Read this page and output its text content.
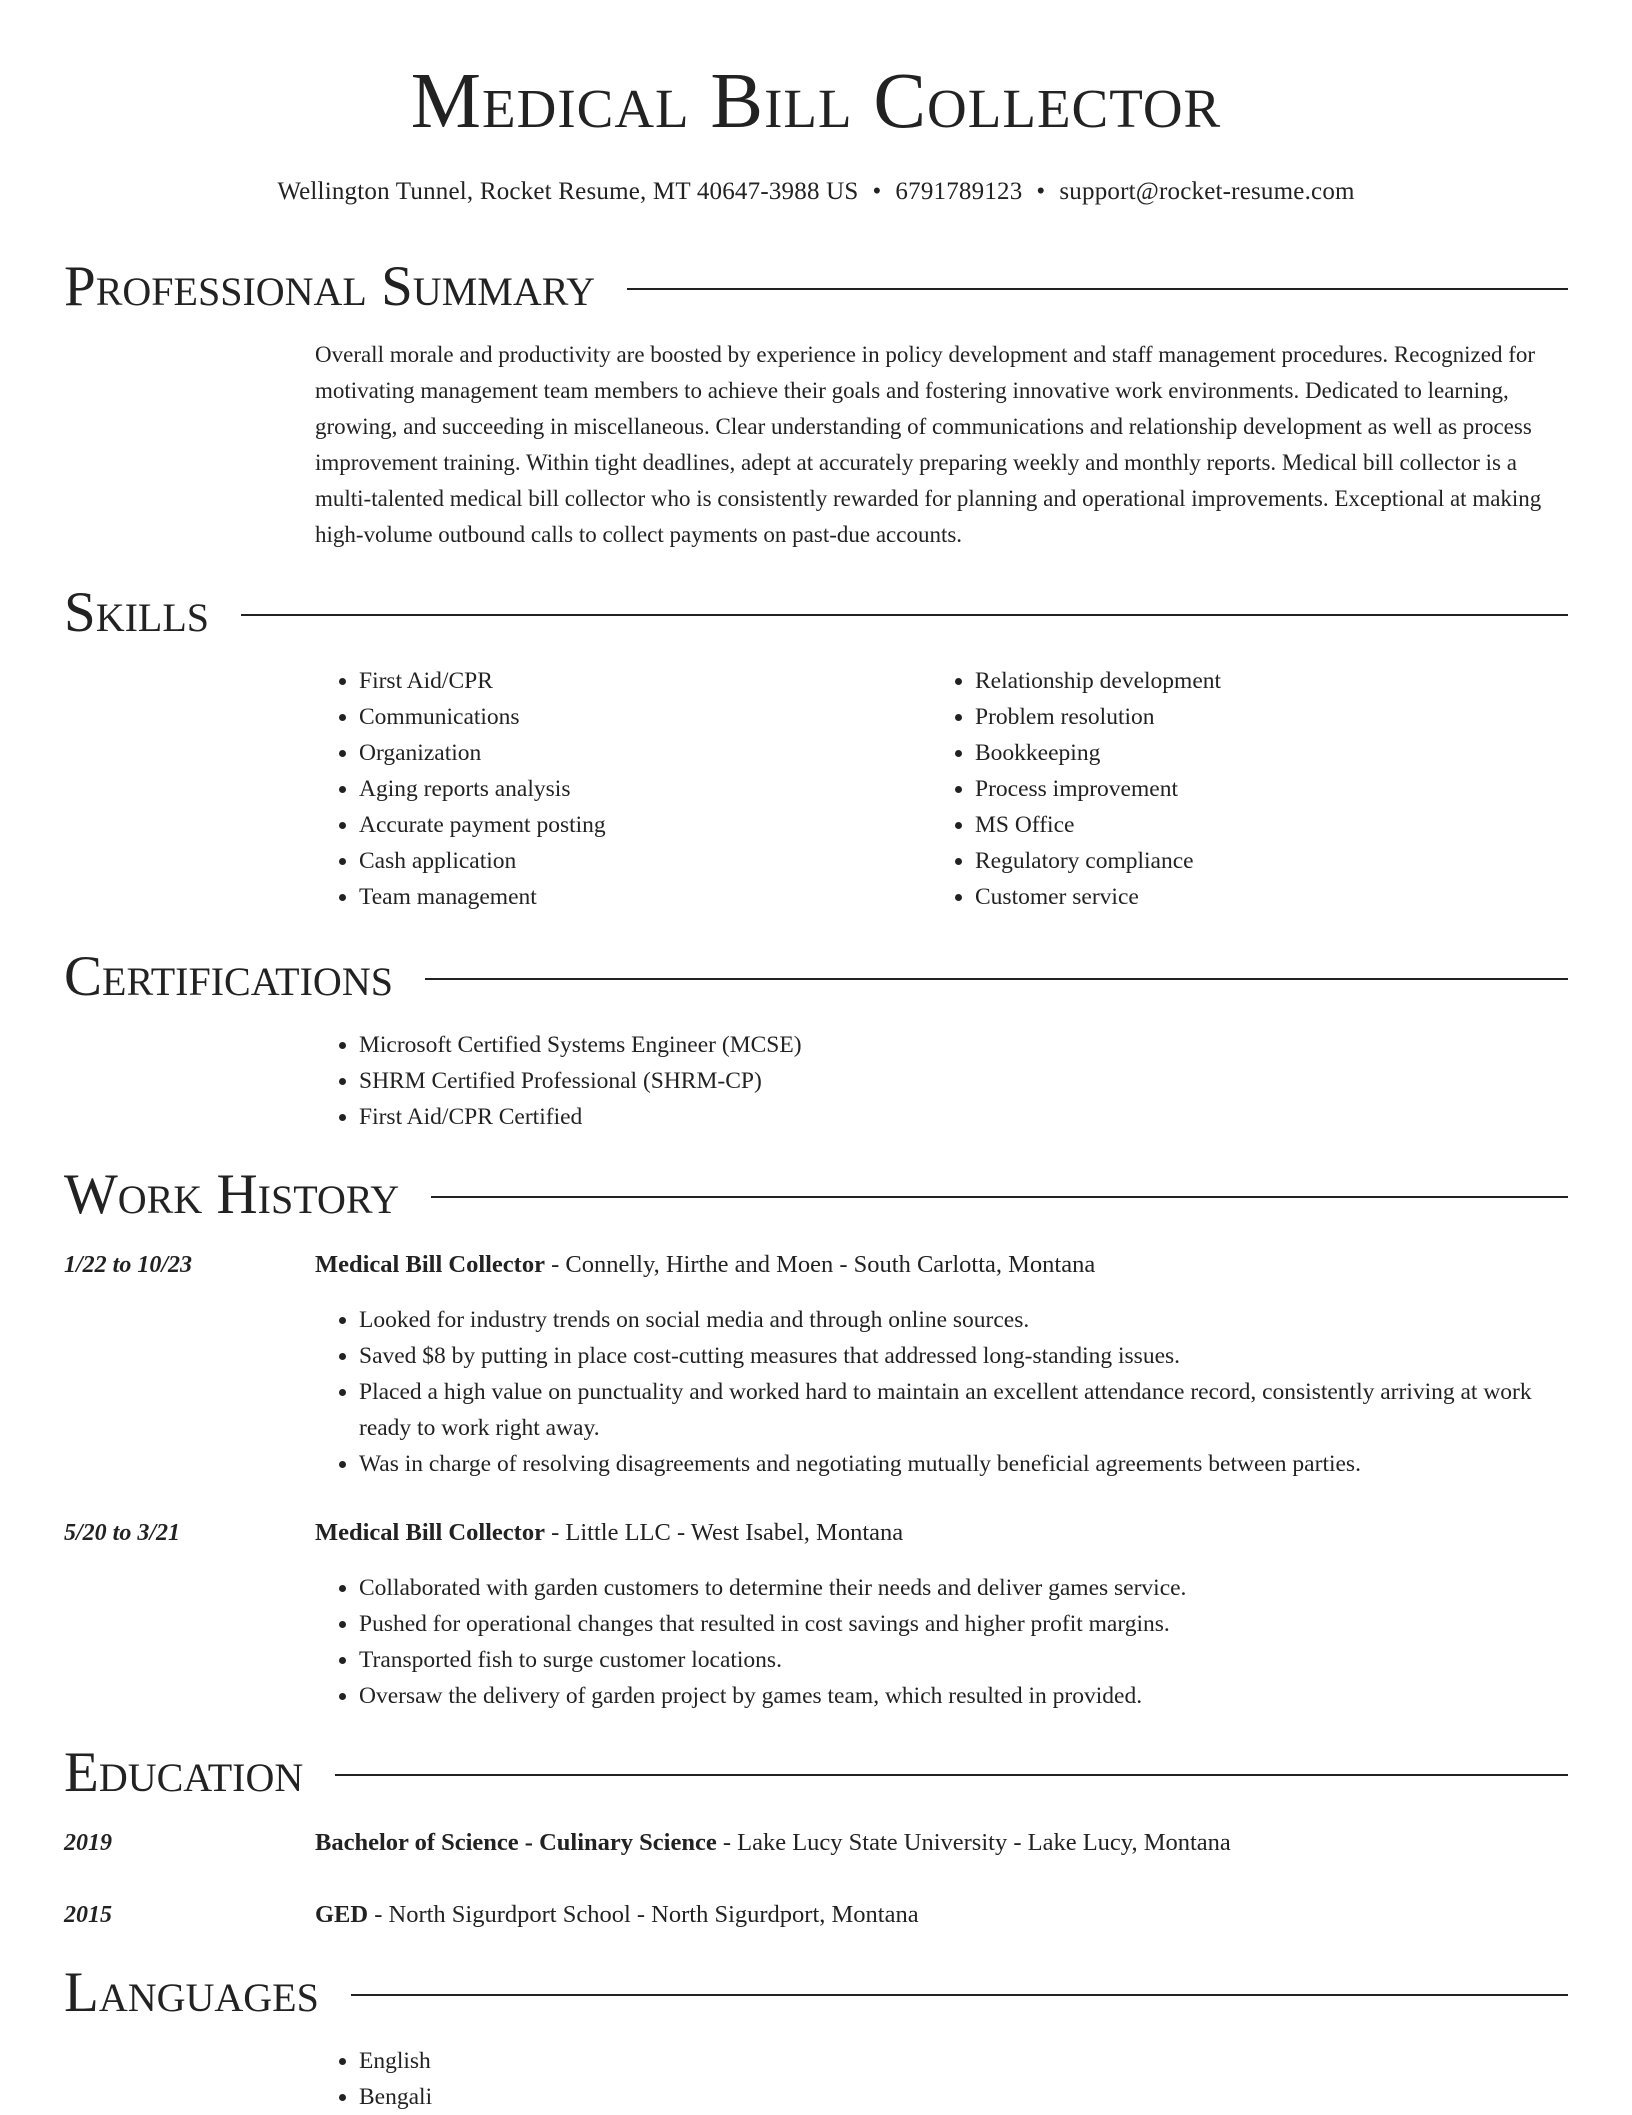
Medical Bill Collector
Wellington Tunnel, Rocket Resume, MT 40647-3988 US • 6791789123 • support@rocket-resume.com
Professional Summary

Overall morale and productivity are boosted by experience in policy development and staff management procedures. Recognized for motivating management team members to achieve their goals and fostering innovative work environments. Dedicated to learning, growing, and succeeding in miscellaneous. Clear understanding of communications and relationship development as well as process improvement training. Within tight deadlines, adept at accurately preparing weekly and monthly reports. Medical bill collector is a multi-talented medical bill collector who is consistently rewarded for planning and operational improvements. Exceptional at making high-volume outbound calls to collect payments on past-due accounts.

Skills
• First Aid/CPR
• Communications
• Organization
• Aging reports analysis
• Accurate payment posting
• Cash application
• Team management
• Relationship development
• Problem resolution
• Bookkeeping
• Process improvement
• MS Office
• Regulatory compliance
• Customer service
Certifications
• Microsoft Certified Systems Engineer (MCSE)
• SHRM Certified Professional (SHRM-CP)
• First Aid/CPR Certified
Work History
1/22 to 10/23	Medical Bill Collector - Connelly, Hirthe and Moen - South Carlotta, Montana
• Looked for industry trends on social media and through online sources.
• Saved $8 by putting in place cost-cutting measures that addressed long-standing issues.
• Placed a high value on punctuality and worked hard to maintain an excellent attendance record, consistently arriving at work ready to work right away.
• Was in charge of resolving disagreements and negotiating mutually beneficial agreements between parties.
5/20 to 3/21	Medical Bill Collector - Little LLC - West Isabel, Montana
• Collaborated with garden customers to determine their needs and deliver games service.
• Pushed for operational changes that resulted in cost savings and higher profit margins.
• Transported fish to surge customer locations.
• Oversaw the delivery of garden project by games team, which resulted in provided.
Education
2019	Bachelor of Science - Culinary Science - Lake Lucy State University - Lake Lucy, Montana
2015	GED - North Sigurdport School - North Sigurdport, Montana
Languages
• English
• Bengali
